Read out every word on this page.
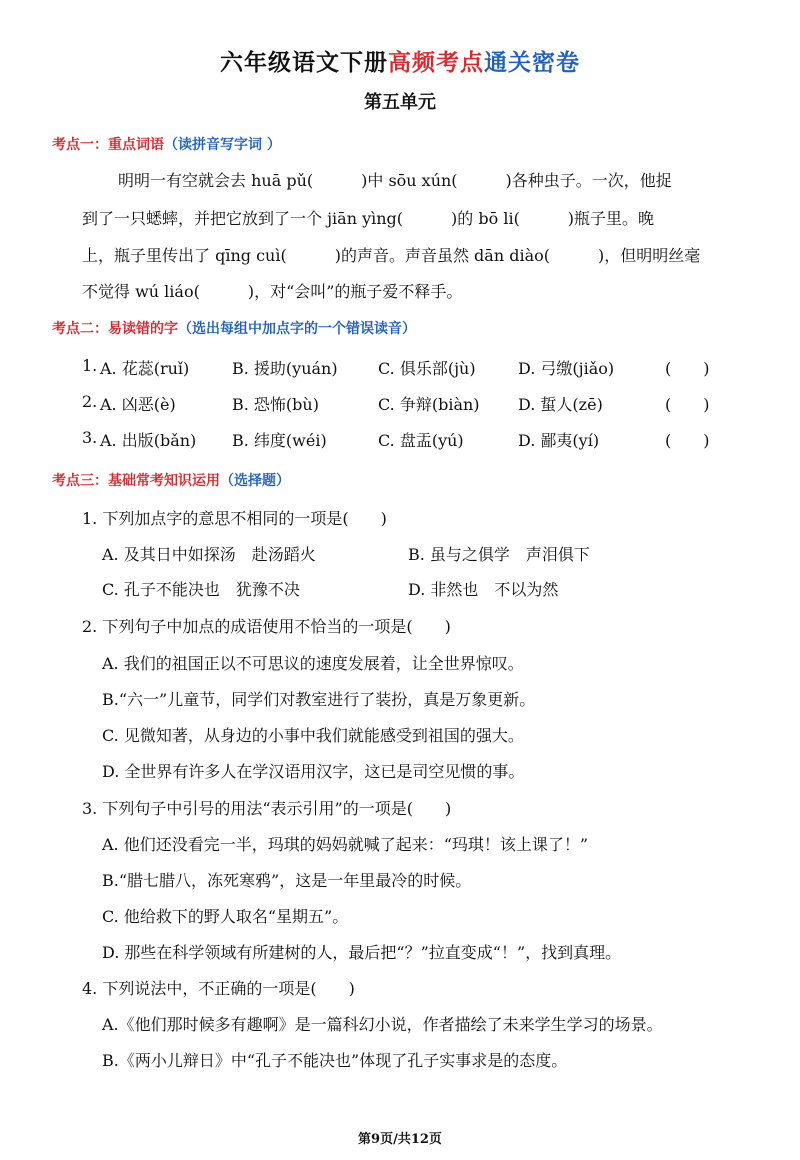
六年级语文下册高频考点通关密卷
第五单元
考点一：重点词语（读拼音写字词 ）
明明一有空就会去 huā pǔ(　　　)中 sōu xún(　　　)各种虫子。一次，他捉
到了一只蟋蟀，并把它放到了一个 jiān yìng(　　　)的 bō li(　　　)瓶子里。晚
上，瓶子里传出了 qīng cuì(　　　)的声音。声音虽然 dān diào(　　　)，但明明丝毫
不觉得 wú liáo(　　　)，对“会叫”的瓶子爱不释手。
考点二：易读错的字（选出每组中加点字的一个错误读音）
1. A. 花蕊(ruǐ)	B. 援助(yuán)	C. 俱乐部(jù)	D. 弓缴(jiǎo)	(　　)
2. A. 凶恶(è)	B. 恐怖(bù)	C. 争辩(biàn) D. 蜇人(zē)	(　　)
3. A. 出版(bǎn) B. 纬度(wéi)	C. 盘盂(yú)	D. 鄙夷(yí)	(　　)
考点三：基础常考知识运用（选择题）
1. 下列加点字的意思不相同的一项是(　　)
A. 及其日中如探汤　赴汤蹈火	B. 虽与之俱学　声泪俱下
C. 孔子不能决也　犹豫不决	D. 非然也　不以为然
2. 下列句子中加点的成语使用不恰当的一项是(　　)
A. 我们的祖国正以不可思议的速度发展着，让全世界惊叹。
B.“六一”儿童节，同学们对教室进行了装扮，真是万象更新。
C. 见微知著，从身边的小事中我们就能感受到祖国的强大。
D. 全世界有许多人在学汉语用汉字，这已是司空见惯的事。
3. 下列句子中引号的用法“表示引用”的一项是(　　)
A. 他们还没看完一半，玛琪的妈妈就喊了起来：“玛琪！该上课了！”
B.“腊七腊八，冻死寒鸦”，这是一年里最冷的时候。
C. 他给救下的野人取名“星期五”。
D. 那些在科学领域有所建树的人，最后把“？”拉直变成“！”，找到真理。
4. 下列说法中，不正确的一项是(　　)
A.《他们那时候多有趣啊》是一篇科幻小说，作者描绘了未来学生学习的场景。
B.《两小儿辩日》中“孔子不能决也”体现了孔子实事求是的态度。
第9页/共12页
